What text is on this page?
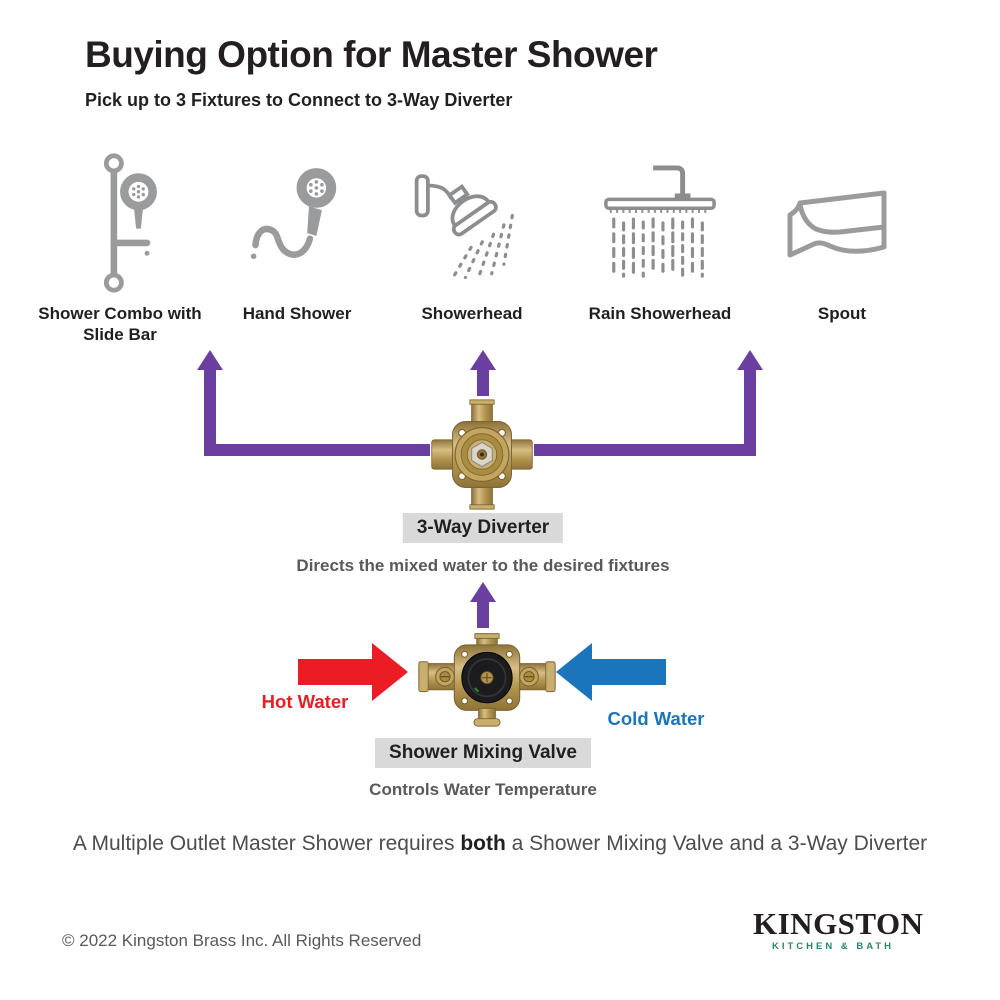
Buying Option for Master Shower
Pick up to 3 Fixtures to Connect to 3-Way Diverter
Shower Combo with Slide Bar
Hand Shower	Showerhead	Rain Showerhead	Spout
3-Way Diverter
Directs the mixed water to the desired fixtures
Hot Water
Cold Water
Shower Mixing Valve
Controls Water Temperature
A Multiple Outlet Master Shower requires both a Shower Mixing Valve and a 3-Way Diverter
© 2022 Kingston Brass Inc. All Rights Reserved	KINGSTON
KITCHEN & BATH
